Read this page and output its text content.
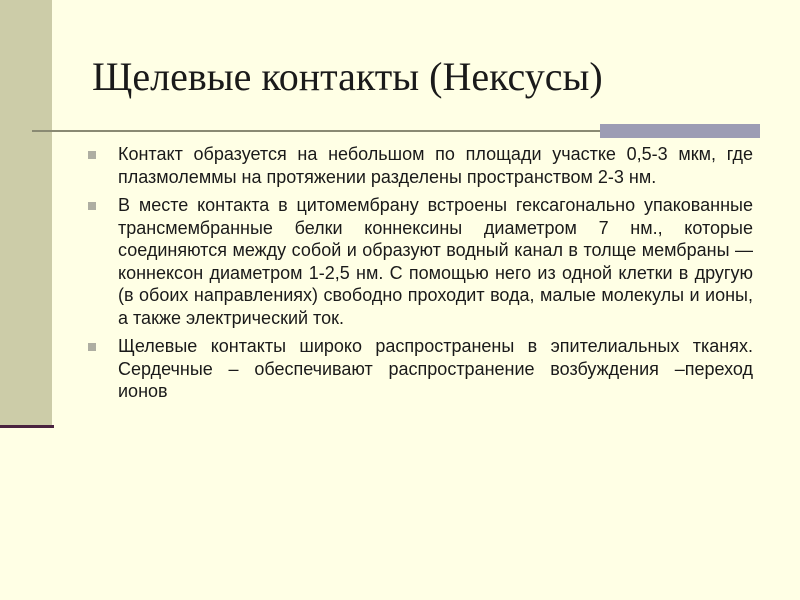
Щелевые контакты (Нексусы)
Контакт образуется на небольшом по площади участке 0,5-3 мкм, где плазмолеммы на протяжении разделены пространством 2-3 нм.
В месте контакта в цитомембрану встроены гексагонально упакованные трансмембранные белки коннексины диаметром 7 нм., которые соединяются между собой и образуют водный канал в толще мембраны — коннексон диаметром 1-2,5 нм. С помощью него из одной клетки в другую (в обоих направлениях) свободно проходит вода, малые молекулы и ионы, а также электрический ток.
Щелевые контакты широко распространены в эпителиальных тканях. Сердечные – обеспечивают распространение возбуждения –переход ионов
